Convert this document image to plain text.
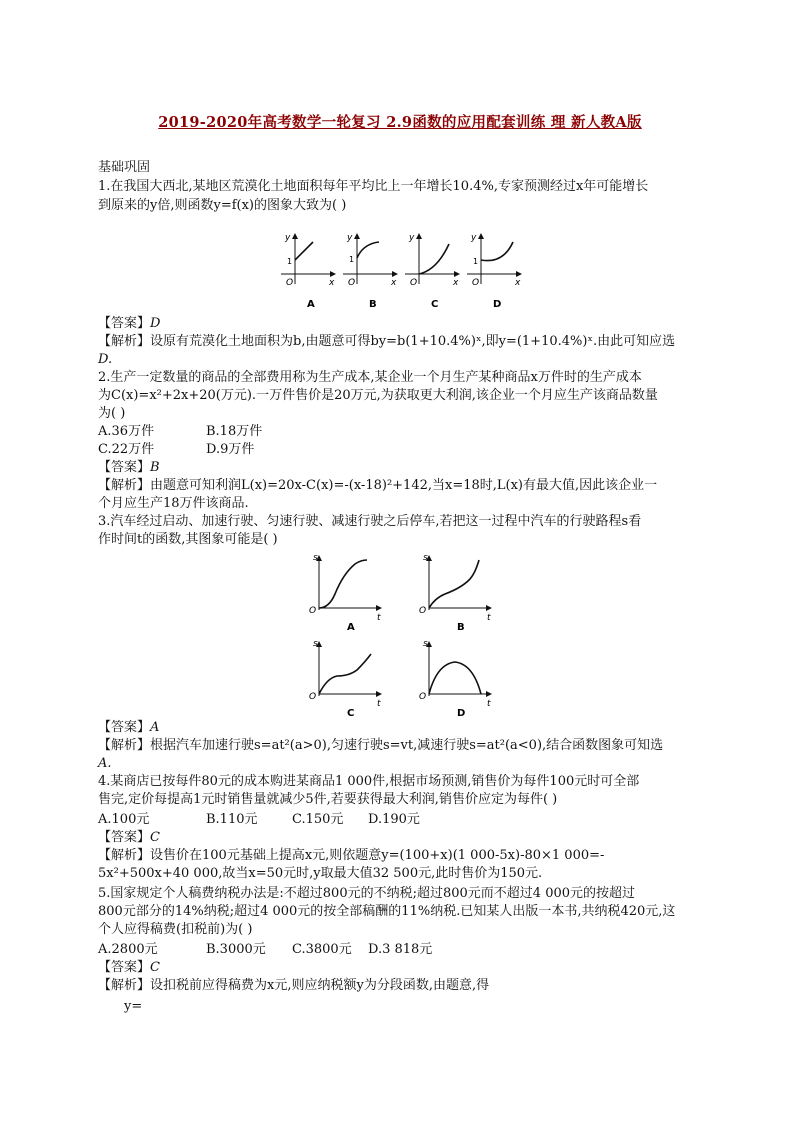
2019-2020年高考数学一轮复习 2.9函数的应用配套训练 理 新人教A版
基础巩固
1.在我国大西北,某地区荒漠化土地面积每年平均比上一年增长10.4%,专家预测经过x年可能增长
到原来的y倍,则函数y=f(x)的图象大致为( )
y
1
O	x
A
y
1
O	x
B
y
O	x
C
y
1
O	x
D
【答案】D
【解析】设原有荒漠化土地面积为b,由题意可得by=b(1+10.4%)ˣ,即y=(1+10.4%)ˣ.由此可知应选
D.
2.生产一定数量的商品的全部费用称为生产成本,某企业一个月生产某种商品x万件时的生产成本
为C(x)=x²+2x+20(万元).一万件售价是20万元,为获取更大利润,该企业一个月应生产该商品数量
为( )
A.36万件	B.18万件
C.22万件	D.9万件
【答案】B
【解析】由题意可知利润L(x)=20x-C(x)=-(x-18)²+142,当x=18时,L(x)有最大值,因此该企业一
个月应生产18万件该商品.
3.汽车经过启动、加速行驶、匀速行驶、减速行驶之后停车,若把这一过程中汽车的行驶路程s看
作时间t的函数,其图象可能是( )
s
O
t
A
s
O
t
B
s
O
t
C
s
O
t
D
【答案】A
【解析】根据汽车加速行驶s=at²(a>0),匀速行驶s=vt,减速行驶s=at²(a<0),结合函数图象可知选
A.
4.某商店已按每件80元的成本购进某商品1 000件,根据市场预测,销售价为每件100元时可全部
售完,定价每提高1元时销售量就减少5件,若要获得最大利润,销售价应定为每件( )
A.100元	B.110元	C.150元 D.190元
【答案】C
【解析】设售价在100元基础上提高x元,则依题意y=(100+x)(1 000-5x)-80×1 000=-
5x²+500x+40 000,故当x=50元时,y取最大值32 500元,此时售价为150元.
5.国家规定个人稿费纳税办法是:不超过800元的不纳税;超过800元而不超过4 000元的按超过
800元部分的14%纳税;超过4 000元的按全部稿酬的11%纳税.已知某人出版一本书,共纳税420元,这
个人应得稿费(扣税前)为( )
A.2800元	B.3000元 C.3800元 D.3 818元
【答案】C
【解析】设扣税前应得稿费为x元,则应纳税额y为分段函数,由题意,得
y=
